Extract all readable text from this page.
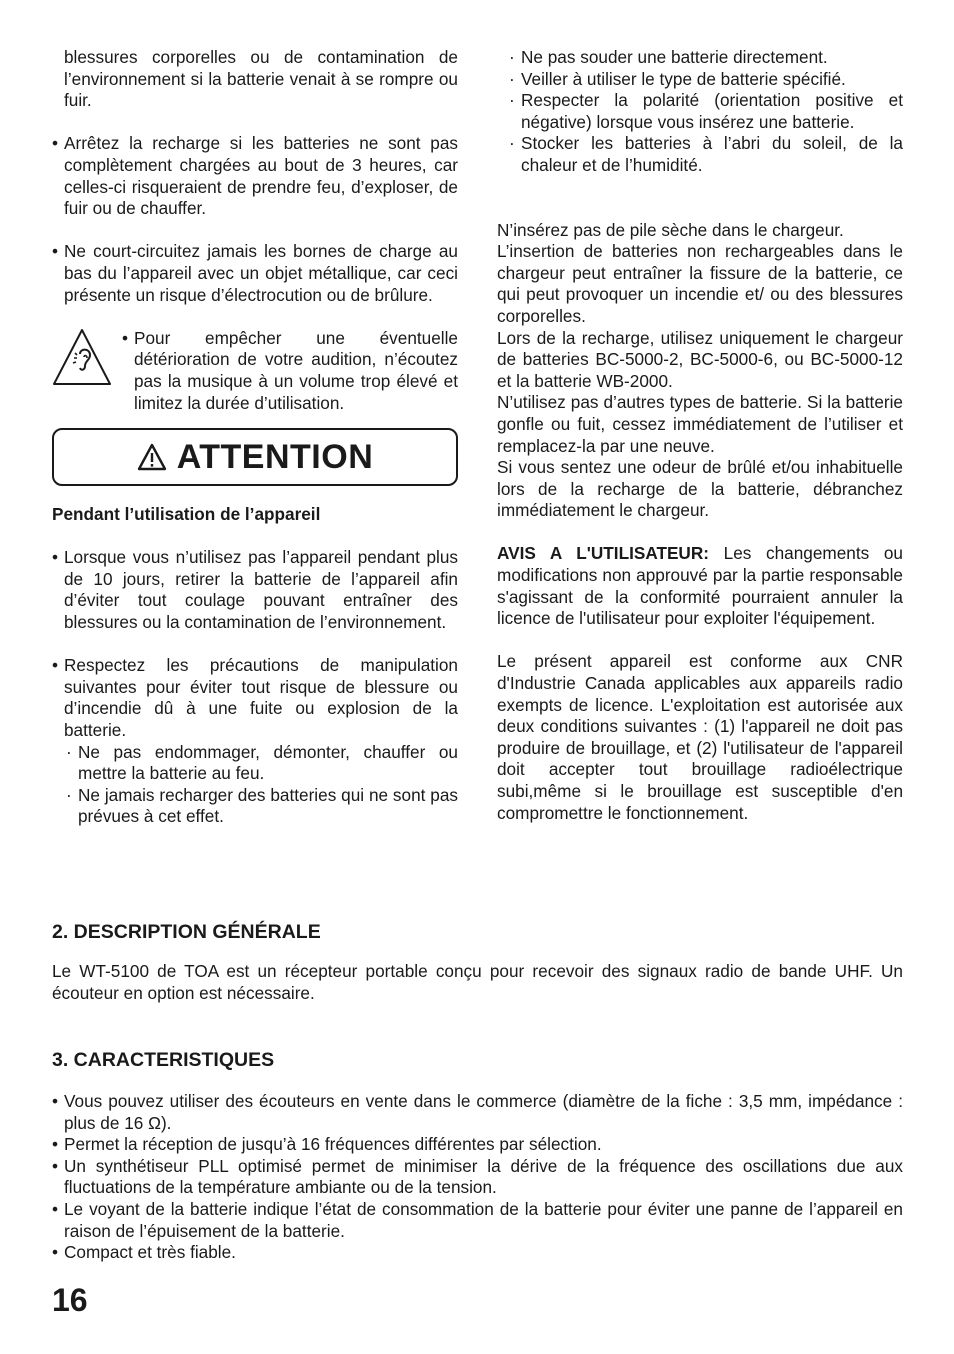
blessures corporelles ou de contamination de l’environnement si la batterie venait à se rompre ou fuir.

• Arrêtez la recharge si les batteries ne sont pas complètement chargées au bout de 3 heures, car celles-ci risqueraient de prendre feu, d’exploser, de fuir ou de chauffer.

• Ne court-circuitez jamais les bornes de charge au bas du l’appareil avec un objet métallique, car ceci présente un risque d’électrocution ou de brûlure.

• Pour empêcher une éventuelle détérioration de votre audition, n’écoutez pas la musique à un volume trop élevé et limitez la durée d’utilisation.

ATTENTION

Pendant l’utilisation de l’appareil

• Lorsque vous n’utilisez pas l’appareil pendant plus de 10 jours, retirer la batterie de l’appareil afin d’éviter tout coulage pouvant entraîner des blessures ou la contamination de l’environnement.

• Respectez les précautions de manipulation suivantes pour éviter tout risque de blessure ou d’incendie dû à une fuite ou explosion de la batterie.

· Ne pas endommager, démonter, chauffer ou mettre la batterie au feu.

· Ne jamais recharger des batteries qui ne sont pas prévues à cet effet.

· Ne pas souder une batterie directement.

· Veiller à utiliser le type de batterie spécifié.

· Respecter la polarité (orientation positive et négative) lorsque vous insérez une batterie.

· Stocker les batteries à l’abri du soleil, de la chaleur et de l’humidité.

N’insérez pas de pile sèche dans le chargeur.

L’insertion de batteries non rechargeables dans le chargeur peut entraîner la fissure de la batterie, ce qui peut provoquer un incendie et/ ou des blessures corporelles.

Lors de la recharge, utilisez uniquement le chargeur de batteries BC-5000-2, BC-5000-6, ou BC-5000-12 et la batterie WB-2000.

N’utilisez pas d’autres types de batterie. Si la batterie gonfle ou fuit, cessez immédiatement de l’utiliser et remplacez-la par une neuve.

Si vous sentez une odeur de brûlé et/ou inhabituelle lors de la recharge de la batterie, débranchez immédiatement le chargeur.

AVIS A L'UTILISATEUR: Les changements ou modifications non approuvé par la partie responsable s'agissant de la conformité pourraient annuler la licence de l'utilisateur pour exploiter l'équipement.

Le présent appareil est conforme aux CNR d'Industrie Canada applicables aux appareils radio exempts de licence. L'exploitation est autorisée aux deux conditions suivantes : (1) l'appareil ne doit pas produire de brouillage, et (2) l'utilisateur de l'appareil doit accepter tout brouillage radioélectrique subi,même si le brouillage est susceptible d'en compromettre le fonctionnement.

2. DESCRIPTION GÉNÉRALE

Le WT-5100 de TOA est un récepteur portable conçu pour recevoir des signaux radio de bande UHF. Un écouteur en option est nécessaire.

3. CARACTERISTIQUES

• Vous pouvez utiliser des écouteurs en vente dans le commerce (diamètre de la fiche : 3,5 mm, impédance : plus de 16 Ω).

• Permet la réception de jusqu’à 16 fréquences différentes par sélection.

• Un synthétiseur PLL optimisé permet de minimiser la dérive de la fréquence des oscillations due aux fluctuations de la température ambiante ou de la tension.

• Le voyant de la batterie indique l’état de consommation de la batterie pour éviter une panne de l’appareil en raison de l’épuisement de la batterie.

• Compact et très fiable.

16
